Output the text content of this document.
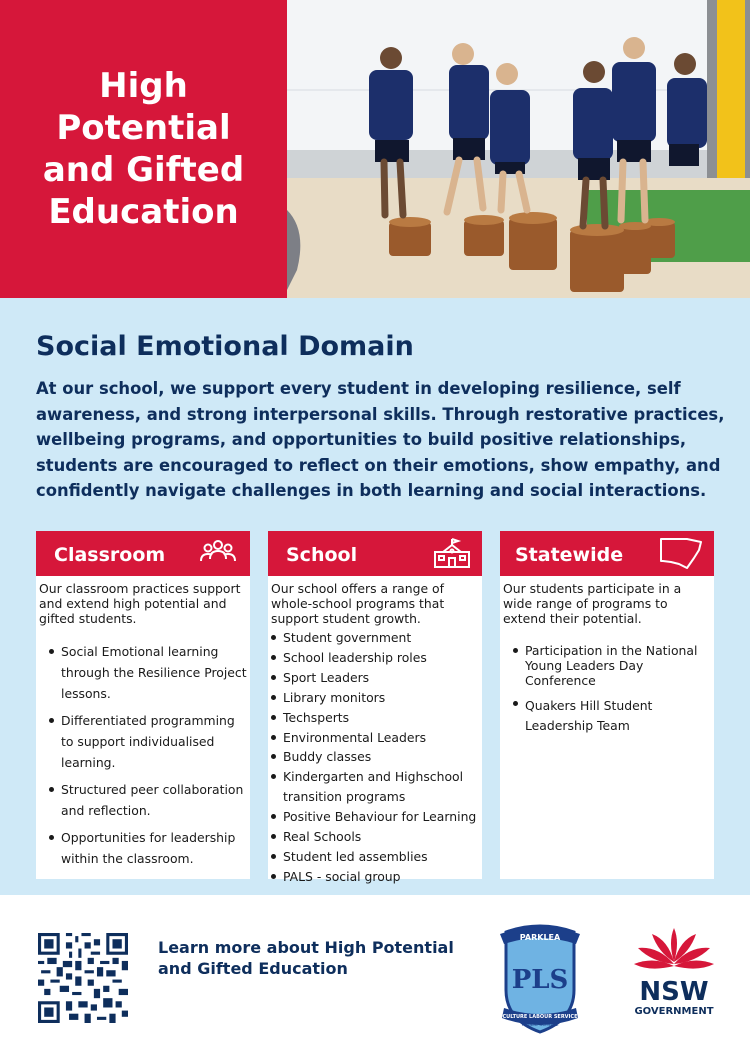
High Potential and Gifted Education
Social Emotional Domain

At our school, we support every student in developing resilience, self awareness, and strong interpersonal skills. Through restorative practices, wellbeing programs, and opportunities to build positive relationships, students are encouraged to reflect on their emotions, show empathy, and confidently navigate challenges in both learning and social interactions.

Classroom

Our classroom practices support and extend high potential and gifted students.

Social Emotional learning through the Resilience Project lessons.
Differentiated programming to support individualised learning.
Structured peer collaboration and reflection.
Opportunities for leadership within the classroom.
School

Our school offers a range of whole-school programs that support student growth.

Student government
School leadership roles
Sport Leaders
Library monitors
Techsperts
Environmental Leaders
Buddy classes
Kindergarten and Highschool transition programs
Positive Behaviour for Learning
Real Schools
Student led assemblies
PALS - social group
Statewide

Our students participate in a wide range of programs to extend their potential.

Participation in the National Young Leaders Day Conference
Quakers Hill Student Leadership Team

Learn more about High Potential and Gifted Education

PARKLEA
PLS
CULTURE LABOUR SERVICE
PUBLIC SCHOOL
NSW
GOVERNMENT
